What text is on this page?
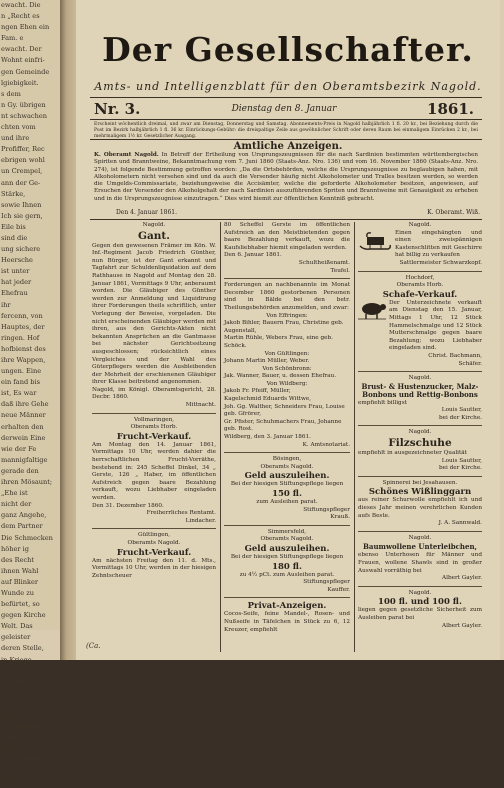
ewacht. Die
n „Recht es
ngen Ehen ein
Fam. e
ewacht. Der
Wohnt einfri-
gen Gemeinde
lgiebigkeit.
s dem
n Gy. übrigen
nt schwachen
chten vom
und ihre
Profiffer, Rec
ebrigen wohl
un Crempel,
ann der Ge-
Stärke,
sowie Ihnen
Ich sie gern,
Eile bis
sind die
ung sichere
Heersche
ist unter
hat jeder
Ehefrau
ihr
fercenn, von
Hauptes, der
ringen. Hof
hofbienst des
ihre Wappen,
ungen. Eine
ein fand bis
ist, Es war
daß ihre Gehe
neue Männer
erhalten den
derwein Eine
wie der Fe
mannigfaltige
gerade den
ihren Mösaunt;
„Ehe ist
nicht der
ganz Angehe,
dem Partner
Die Schmecken
höher ig
des Recht
ihnen Wahl
auf Blinker
Wunde zu
befürtet, so
gegen Kirche
Welt. Das
geleister
deren Stelle,
in Kriege
denen
Gatten
Gyüchheid,
Steuern der
ihnen.
zu Kommene
Amtl. !
Paßter, manche
Ort berühme
der
Weib
Der Gesellschafter.
Amts- und Intelligenzblatt für den Oberamtsbezirk Nagold.
Nr. 3.	Dienstag den 8. Januar	1861.
Erscheint wöchentlich dreimal, und zwar am Dienstag, Donnerstag und Samstag. Abonnements-Preis in Nagold halbjährlich 1 fl. 20 kr., bei Beziehung durch die Post im Bezirk halbjährlich 1 fl. 36 kr. Einrückungs-Gebühr: die dreispaltige Zeile aus gewöhnlicher Schrift oder deren Raum bei einmaligem Einrücken 2 kr., bei mehrmaligem 1½ kr. Gesetzlicher Ausgang.
Amtliche Anzeigen.
K. Oberamt Nagold. In Betreff der Ertheilung von Ursprungszeugnissen für die nach Sardinien bestimmten württembergischen Spiriten und Branntweine, Bekanntmachung vom 7. Juni 1860 (Staats-Anz. Nro. 136) und vom 16. November 1860 (Staats-Anz. Nro. 274), ist folgende Bestimmung getroffen worden: „Da die Ortsbehörden, welche die Ursprungszeugnisse zu beglaubigen haben, mit Alkoholometern nicht versehen sind und da auch die Versender häufig nicht Alkoholometer und Tralles besitzen werden, so werden die Umgelds-Commissariate, beziehungsweise die Accisämter, welche die geforderte Alkoholometer besitzen, angewiesen, auf Ersuchen der Versender den Alkoholgehalt der nach Sardinien auszuführenden Spriten und Branntweine mit Genauigkeit zu erheben und in die Ursprungszeugnisse einzutragen.“ Dies wird hiemit zur öffentlichen Kenntniß gebracht.
Den 4. Januar 1861.	K. Oberamt. Wiß.
Nagold.
Gant.
Gegen den gewesenen Främer im Kön. W. Inf.-Regiment Jacob Friedrich Günther, nun Bürger, ist der Gant erkannt und Tagfahrt zur Schuldenliquidation auf dem Rathhause in Nagold auf Montag den 28. Januar 1861, Vormittags 9 Uhr, anberaumt worden. Die Gläubiger des Günther werden zur Anmeldung und Liquidirung ihrer Forderungen theils schriftlich, unter Vorlegung der Beweise, vorgeladen. Die nicht erscheinenden Gläubiger werden mit ihren, aus den Gerichts-Akten nicht bekannten Ansprüchen an die Gantmasse bei nächster Gerichtssitzung ausgeschlossen; rücksichtlich eines Vergleiches und der Wahl des Güterpflegers werden die Ausbleibenden der Mehrheit der erschienenen Gläubiger ihrer Klasse beitretend angenommen.
Nagold, im Königl. Oberamtsgericht, 28. Decbr. 1860.
Mittnacht.
Vollmaringen,
Oberamts Horb.
Frucht-Verkauf.
Am Montag den 14. Januar 1861, Vormittags 10 Uhr, werden dahier die herrschaftlichen Frucht-Vorräthe, bestehend in: 245 Scheffel Dinkel, 34 „ Gerste, 126 „ Haber, im öffentlichen Aufstreich gegen baare Bezahlung verkauft, wozu Liebhaber eingeladen werden.
Den 31. Dezember 1860.
Freiherrliches Rentamt.
Lindacher.
Gültlingen,
Oberamts Nagold.
Frucht-Verkauf.
Am nächsten Freitag den 11. d. Mts., Vormittags 10 Uhr, werden in der hiesigen Zehntscheuer
80 Scheffel Gerste im öffentlichen Aufstreich an den Meistbietenden gegen baare Bezahlung verkauft, wozu die Kaufsliebhaber hiemit eingeladen werden.
Den 6. Januar 1861.
Schultheißenamt.
Teufel.
Forderungen an nachbenannte im Monat December 1860 gestorbenen Personen sind in Bälde bei den betr. Theilungsbehörden anzumelden, und zwar:
Von Effringen:
Jakob Bihler, Bauern Frau, Christine geb. Augenstall,
Martin Rühle, Webers Frau, eine geb. Schöck.
Von Gültlingen:
Johann Martin Müller, Weber.
Von Schönbronn:
Jak. Wanner, Bauer, u. dessen Ehefrau.
Von Wildberg:
Jakob Fr. Pfeiff, Müller,
Kagelschmid Eduards Wittwe,
Joh. Gg. Walther, Schneiders Frau, Louise geb. Gfrörer,
Gr. Pfister, Schuhmachers Frau, Johanne geb. Rost.
Wildberg, den 3. Januar 1861.
K. Amtsnotariat.
Bösingen,
Oberamts Nagold.
Geld auszuleihen.
Bei der hiesigen Stiftungspflege liegen
150 fl.
zum Ausleihen parat.
Stiftungspfleger
Krauß.
Simmersfeld,
Oberamts Nagold.
Geld auszuleihen.
Bei der hiesigen Stiftungspflege liegen
180 fl.
zu 4½ pCt. zum Ausleihen parat.
Stiftungspfleger
Kauffer.
Privat-Anzeigen.
Cocos-Seife, feine Mandel-, Rosen- und Nußseife in Täfelchen in Stück zu 6, 12 Kreuzer, empfiehlt
Nagold.
Einen eingehängten und einen zweispännigen Kastenschlitten mit Geschirre hat billig zu verkaufen
Sattlermeister Schwarzkopf.
Hochdorf,
Oberamts Horb.
Schafe-Verkauf.
Der Unterzeichnete verkauft am Dienstag den 15. Januar, Mittags 1 Uhr, 12 Stück Hammelschmalge und 12 Stück Mutterschmalge gegen baare Bezahlung; wozu Liebhaber eingeladen sind.
Christ. Bachmann,
Schäfer.
Nagold.
Brust- & Hustenzucker, Malz-Bonbons und Rettig-Bonbons
empfiehlt billigst
Louis Sautter,
bei der Kirche.
Nagold.
Filzschuhe
empfiehlt in ausgezeichneter Qualität
Louis Sautter,
bei der Kirche.
Spinnerei bei Jesahausen.
Schönes Wißlinggarn
aus reiner Schurwolle empfiehlt ich und dieses Jahr meinen verehrlichen Kunden aufs Beste.
J. A. Sannwald.
Nagold.
Baumwollene Unterleibchen,
ebenso Unterhosen für Männer und Frauen, wollene Shawls sind in großer Auswahl vorräthig bei
Albert Gayler.
Nagold.
100 fl. und 100 fl.
liegen gegen gesetzliche Sicherheit zum Ausleihen parat bei
Albert Gayler.
(Ca.
